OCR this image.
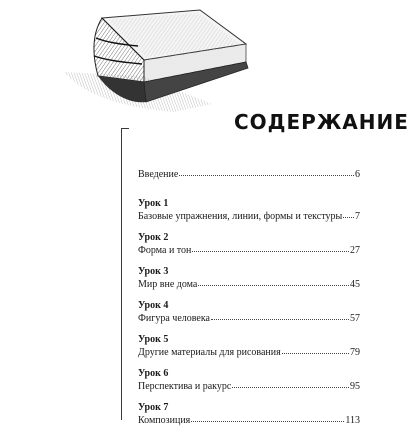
СОДЕРЖАНИЕ
Введение	6
Урок 1
Базовые упражнения, линии, формы и текстуры 7
Урок 2
Форма и тон	27
Урок 3
Мир вне дома	45
Урок 4
Фигура человека	57
Урок 5
Другие материалы для рисования	79
Урок 6
Перспектива и ракурс	95
Урок 7
Композиция	113
